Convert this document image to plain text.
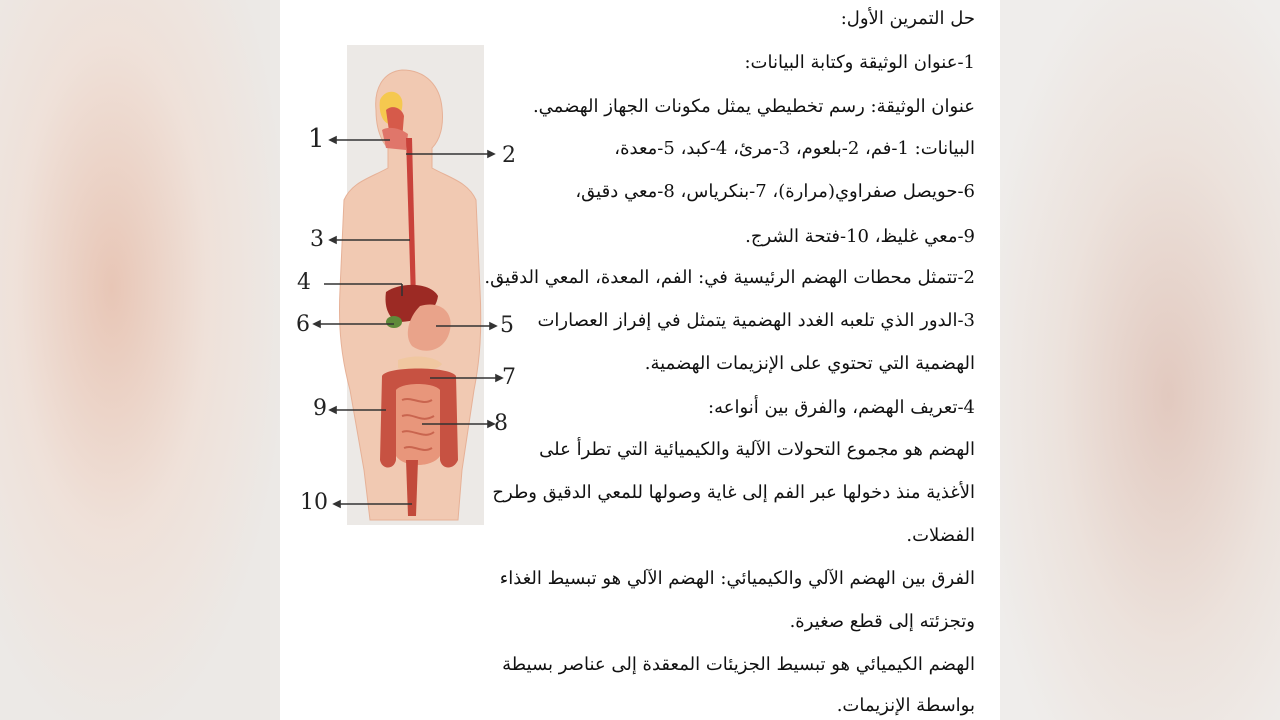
1
2
3
4
5
6
7
8
9
10
حل التمرين الأول:
1-عنوان الوثيقة وكتابة البيانات:
عنوان الوثيقة: رسم تخطيطي يمثل مكونات الجهاز الهضمي.
البيانات: 1-فم، 2-بلعوم، 3-مرئ، 4-كبد، 5-معدة،
6-حويصل صفراوي(مرارة)، 7-بنكرياس، 8-معي دقيق،
9-معي غليظ، 10-فتحة الشرج.
2-تتمثل محطات الهضم الرئيسية في: الفم، المعدة، المعي الدقيق.
3-الدور الذي تلعبه الغدد الهضمية يتمثل في إفراز العصارات
الهضمية التي تحتوي على الإنزيمات الهضمية.
4-تعريف الهضم، والفرق بين أنواعه:
الهضم هو مجموع التحولات الآلية والكيميائية التي تطرأ على
الأغذية منذ دخولها عبر الفم إلى غاية وصولها للمعي الدقيق وطرح
الفضلات.
الفرق بين الهضم الآلي والكيميائي: الهضم الآلي هو تبسيط الغذاء
وتجزئته إلى قطع صغيرة.
الهضم الكيميائي هو تبسيط الجزيئات المعقدة إلى عناصر بسيطة
بواسطة الإنزيمات.
